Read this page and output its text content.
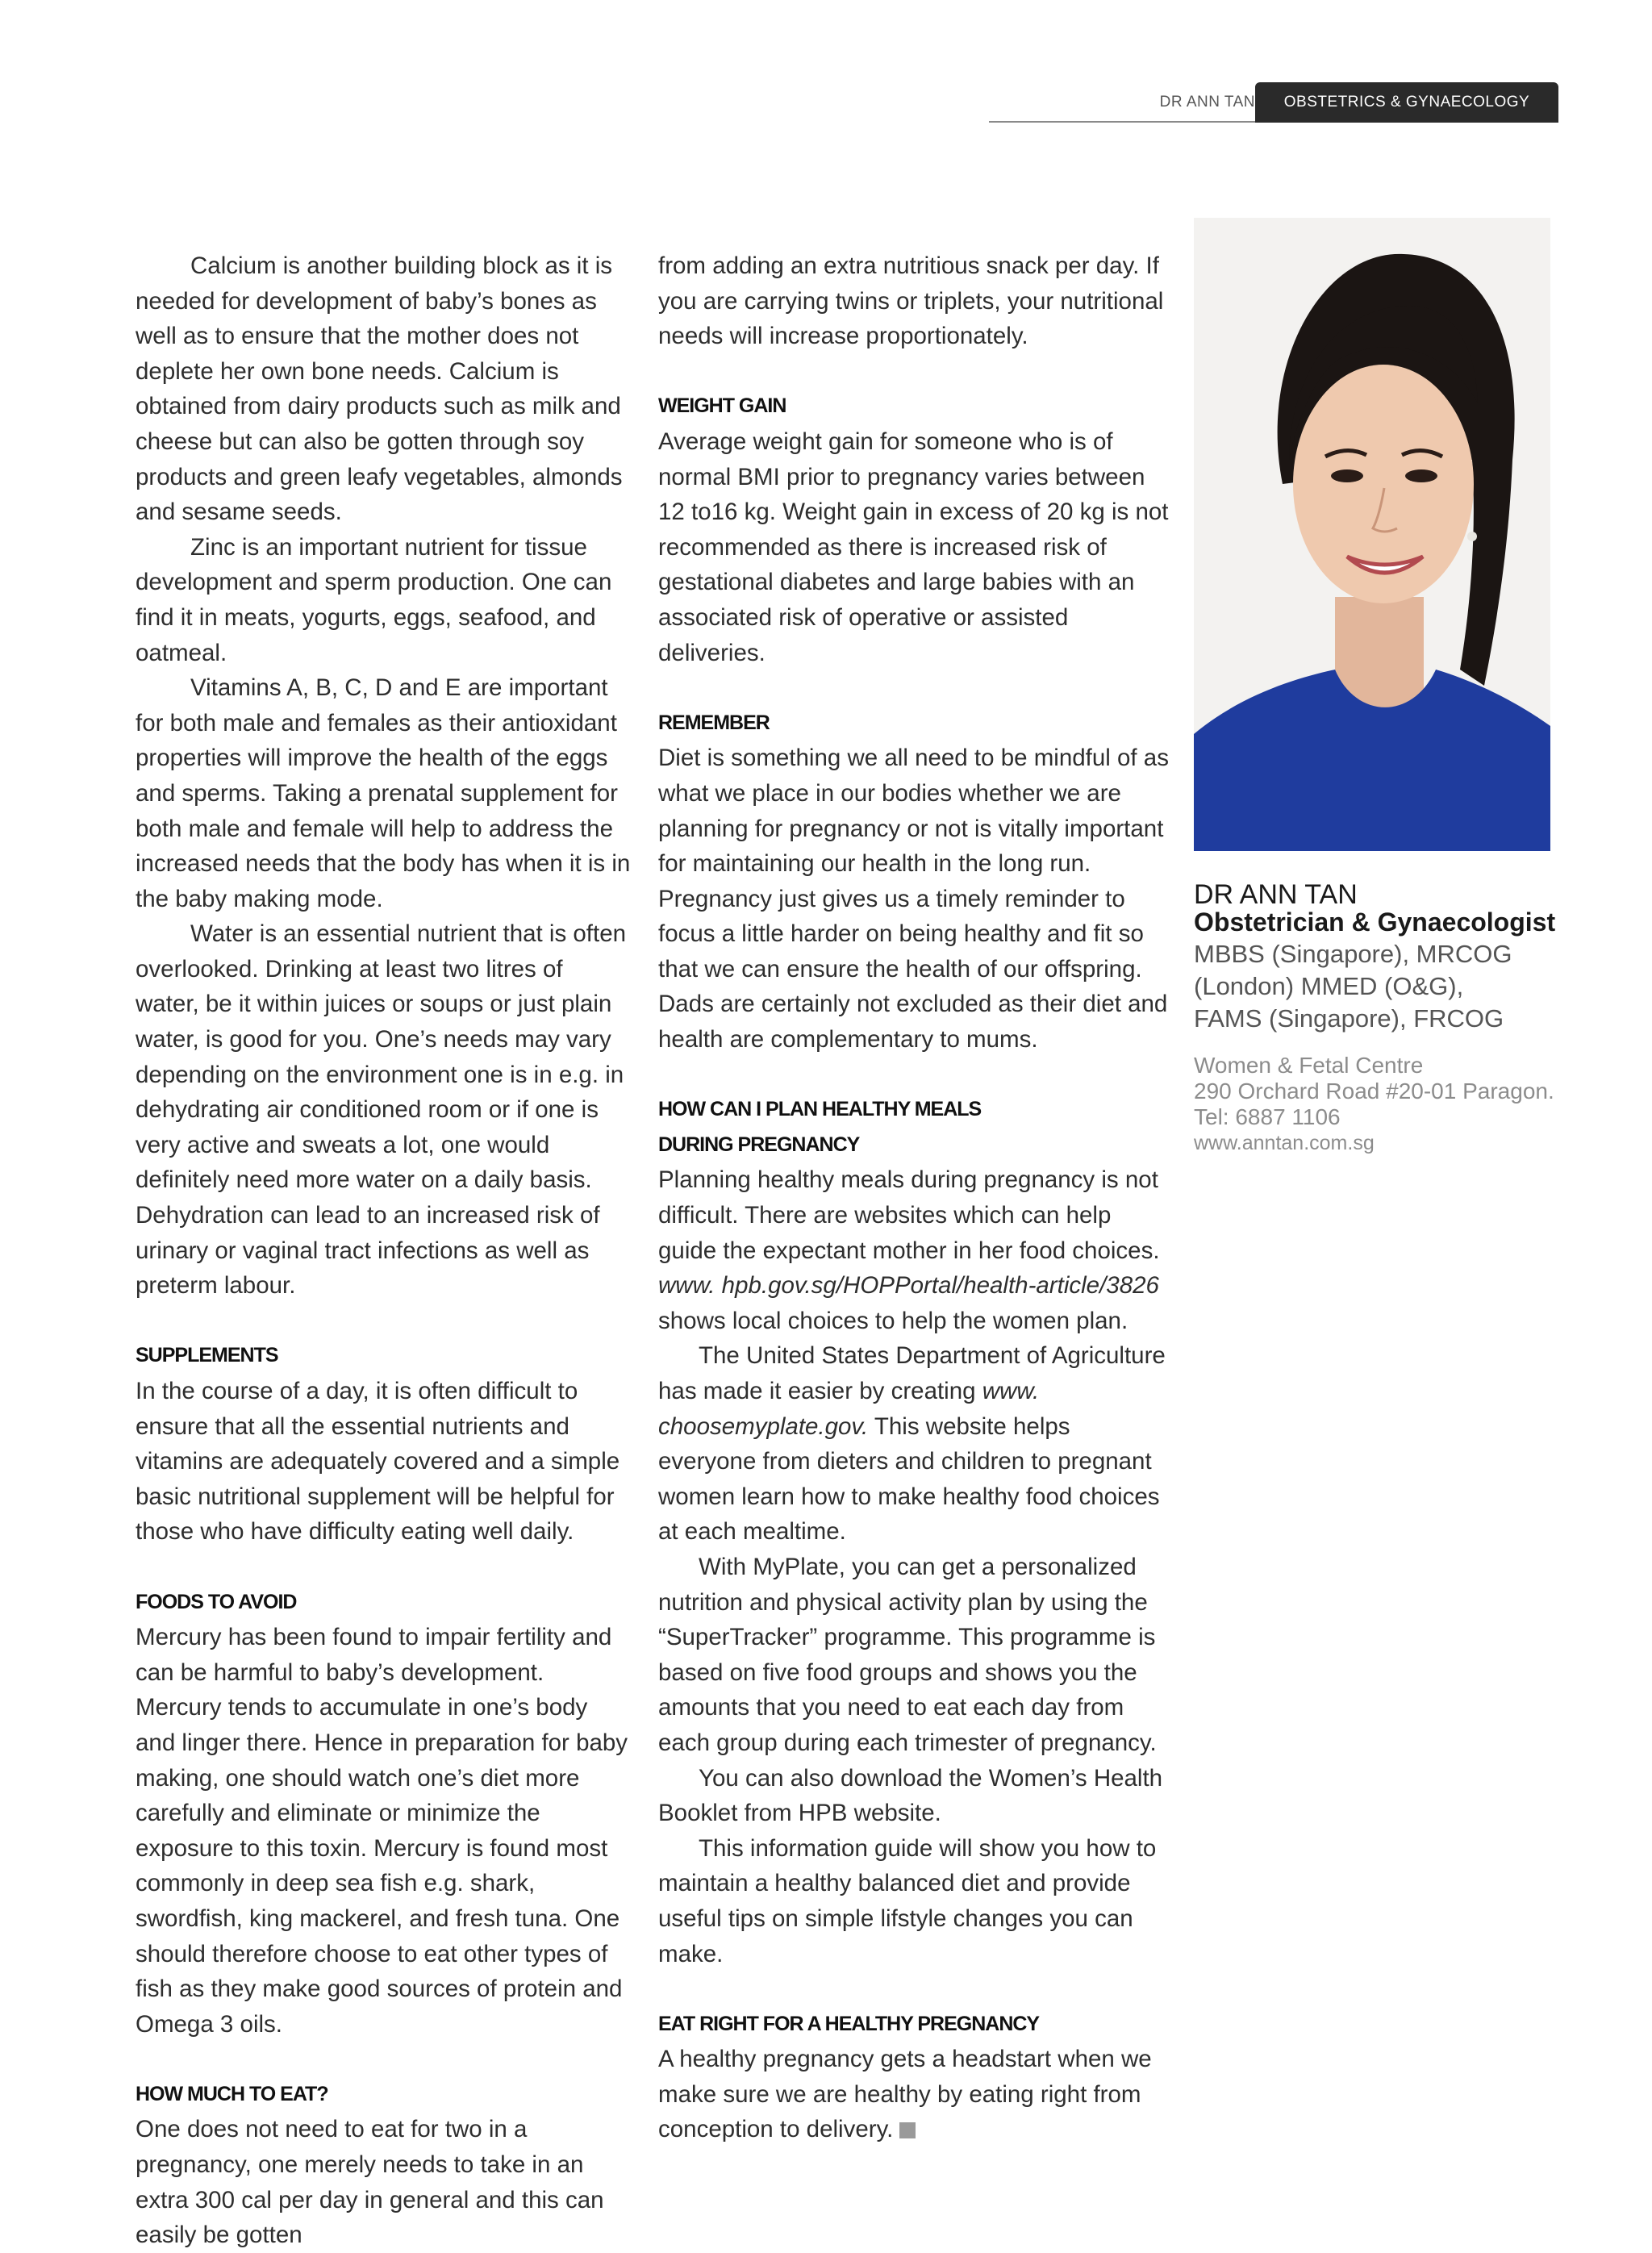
DR ANN TAN	OBSTETRICS & GYNAECOLOGY

Calcium is another building block as it is needed for development of baby’s bones as well as to ensure that the mother does not deplete her own bone needs. Calcium is obtained from dairy products such as milk and cheese but can also be gotten through soy products and green leafy vegetables, almonds and sesame seeds.

Zinc is an important nutrient for tissue development and sperm production. One can find it in meats, yogurts, eggs, seafood, and oatmeal.

Vitamins A, B, C, D and E are important for both male and females as their antioxidant properties will improve the health of the eggs and sperms. Taking a prenatal supplement for both male and female will help to address the increased needs that the body has when it is in the baby making mode.

Water is an essential nutrient that is often overlooked. Drinking at least two litres of water, be it within juices or soups or just plain water, is good for you. One’s needs may vary depending on the environment one is in e.g. in dehydrating air conditioned room or if one is very active and sweats a lot, one would definitely need more water on a daily basis. Dehydration can lead to an increased risk of urinary or vaginal tract infections as well as preterm labour.

SUPPLEMENTS

In the course of a day, it is often difficult to ensure that all the essential nutrients and vitamins are adequately covered and a simple basic nutritional supplement will be helpful for those who have difficulty eating well daily.

FOODS TO AVOID

Mercury has been found to impair fertility and can be harmful to baby’s development. Mercury tends to accumulate in one’s body and linger there. Hence in preparation for baby making, one should watch one’s diet more carefully and eliminate or minimize the exposure to this toxin. Mercury is found most commonly in deep sea fish e.g. shark, swordfish, king mackerel, and fresh tuna. One should therefore choose to eat other types of fish as they make good sources of protein and Omega 3 oils.

HOW MUCH TO EAT?

One does not need to eat for two in a pregnancy, one merely needs to take in an extra 300 cal per day in general and this can easily be gotten

from adding an extra nutritious snack per day. If you are carrying twins or triplets, your nutritional needs will increase proportionately.

WEIGHT GAIN

Average weight gain for someone who is of normal BMI prior to pregnancy varies between 12 to16 kg. Weight gain in excess of 20 kg is not recommended as there is increased risk of gestational diabetes and large babies with an associated risk of operative or assisted deliveries.

REMEMBER

Diet is something we all need to be mindful of as what we place in our bodies whether we are planning for pregnancy or not is vitally important for maintaining our health in the long run. Pregnancy just gives us a timely reminder to focus a little harder on being healthy and fit so that we can ensure the health of our offspring. Dads are certainly not excluded as their diet and health are complementary to mums.

HOW CAN I PLAN HEALTHY MEALS

DURING PREGNANCY

Planning healthy meals during pregnancy is not difficult. There are websites which can help guide the expectant mother in her food choices. www. hpb.gov.sg/HOPPortal/health-article/3826 shows local choices to help the women plan.

The United States Department of Agriculture has made it easier by creating www. choosemyplate.gov. This website helps everyone from dieters and children to pregnant women learn how to make healthy food choices at each mealtime.

With MyPlate, you can get a personalized nutrition and physical activity plan by using the “SuperTracker” programme. This programme is based on five food groups and shows you the amounts that you need to eat each day from each group during each trimester of pregnancy.

You can also download the Women’s Health Booklet from HPB website.

This information guide will show you how to maintain a healthy balanced diet and provide useful tips on simple lifstyle changes you can make.

EAT RIGHT FOR A HEALTHY PREGNANCY

A healthy pregnancy gets a headstart when we make sure we are healthy by eating right from conception to delivery.

DR ANN TAN
Obstetrician & Gynaecologist
MBBS (Singapore), MRCOG
(London) MMED (O&G),
FAMS (Singapore), FRCOG
Women & Fetal Centre
290 Orchard Road #20-01 Paragon.
Tel: 6887 1106
www.anntan.com.sg
